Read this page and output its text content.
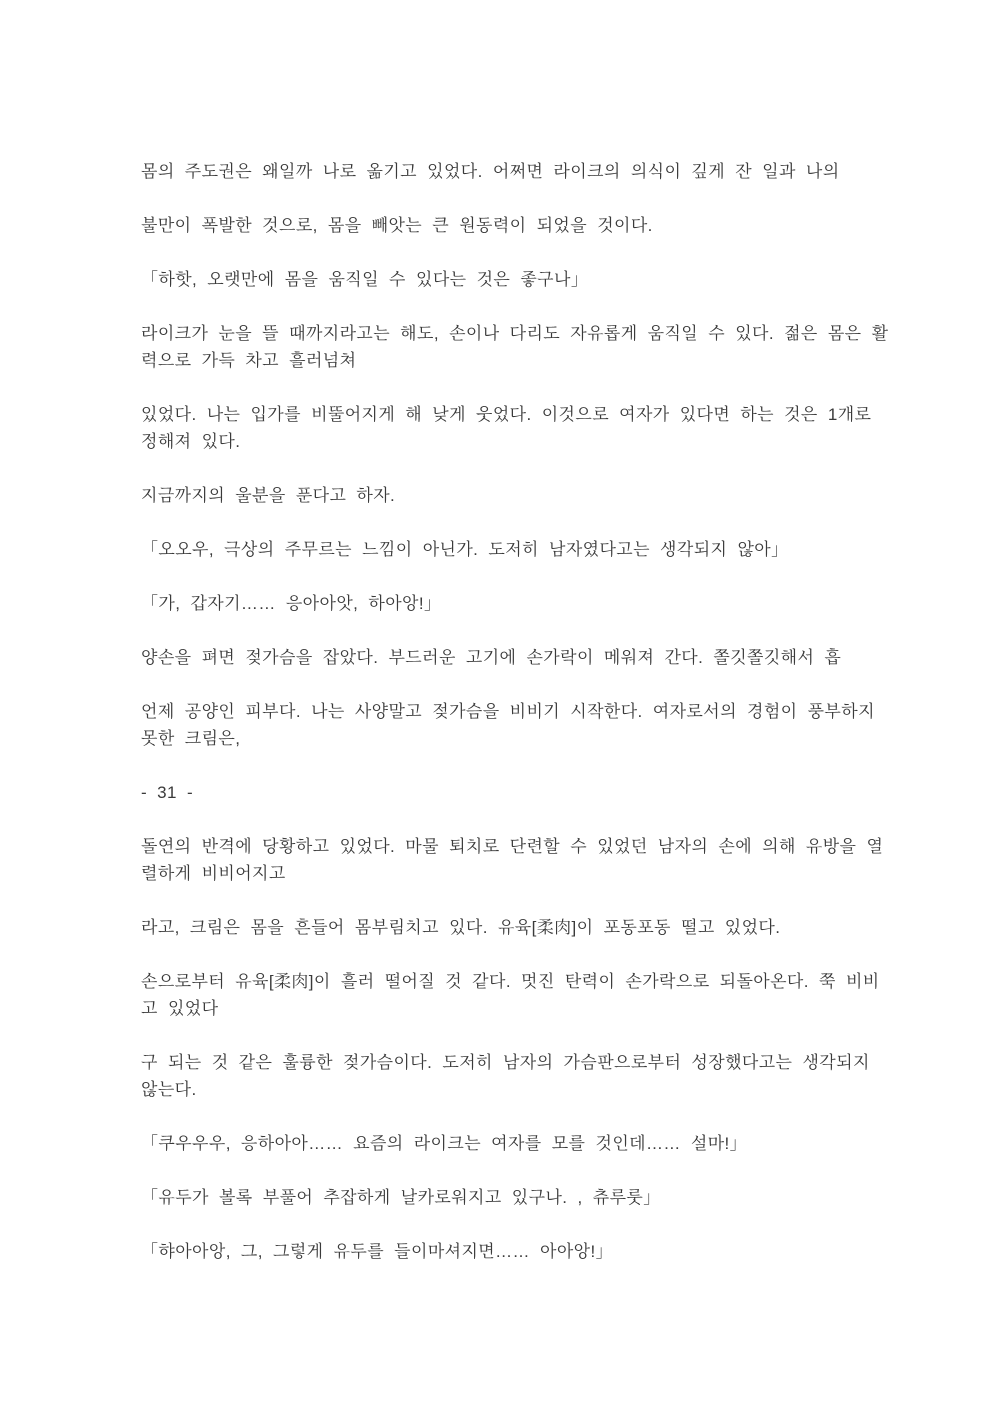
몸의 주도권은 왜일까 나로 옮기고 있었다. 어쩌면 라이크의 의식이 깊게 잔 일과 나의
불만이 폭발한 것으로, 몸을 빼앗는 큰 원동력이 되었을 것이다.
「하핫, 오랫만에 몸을 움직일 수 있다는 것은 좋구나」
라이크가 눈을 뜰 때까지라고는 해도, 손이나 다리도 자유롭게 움직일 수 있다. 젊은 몸은 활
력으로 가득 차고 흘러넘쳐
있었다. 나는 입가를 비뚤어지게 해 낮게 웃었다. 이것으로 여자가 있다면 하는 것은 1개로
정해져 있다.
지금까지의 울분을 푼다고 하자.
「오오우, 극상의 주무르는 느낌이 아닌가. 도저히 남자였다고는 생각되지 않아」
「가, 갑자기…… 응아아앗, 하아앙!」
양손을 펴면 젖가슴을 잡았다. 부드러운 고기에 손가락이 메워져 간다. 쫄깃쫄깃해서 흡
언제 공양인 피부다. 나는 사양말고 젖가슴을 비비기 시작한다. 여자로서의 경험이 풍부하지
못한 크림은,
- 31 -
돌연의 반격에 당황하고 있었다. 마물 퇴치로 단련할 수 있었던 남자의 손에 의해 유방을 열
렬하게 비비어지고
라고, 크림은 몸을 흔들어 몸부림치고 있다. 유육[柔肉]이 포동포동 떨고 있었다.
손으로부터 유육[柔肉]이 흘러 떨어질 것 같다. 멋진 탄력이 손가락으로 되돌아온다. 쭉 비비
고 있었다
구 되는 것 같은 훌륭한 젖가슴이다. 도저히 남자의 가슴판으로부터 성장했다고는 생각되지
않는다.
「쿠우우우, 응하아아…… 요즘의 라이크는 여자를 모를 것인데…… 설마!」
「유두가 볼록 부풀어 추잡하게 날카로워지고 있구나. , 츄루룻」
「햐아아앙, 그, 그렇게 유두를 들이마셔지면…… 아아앙!」
